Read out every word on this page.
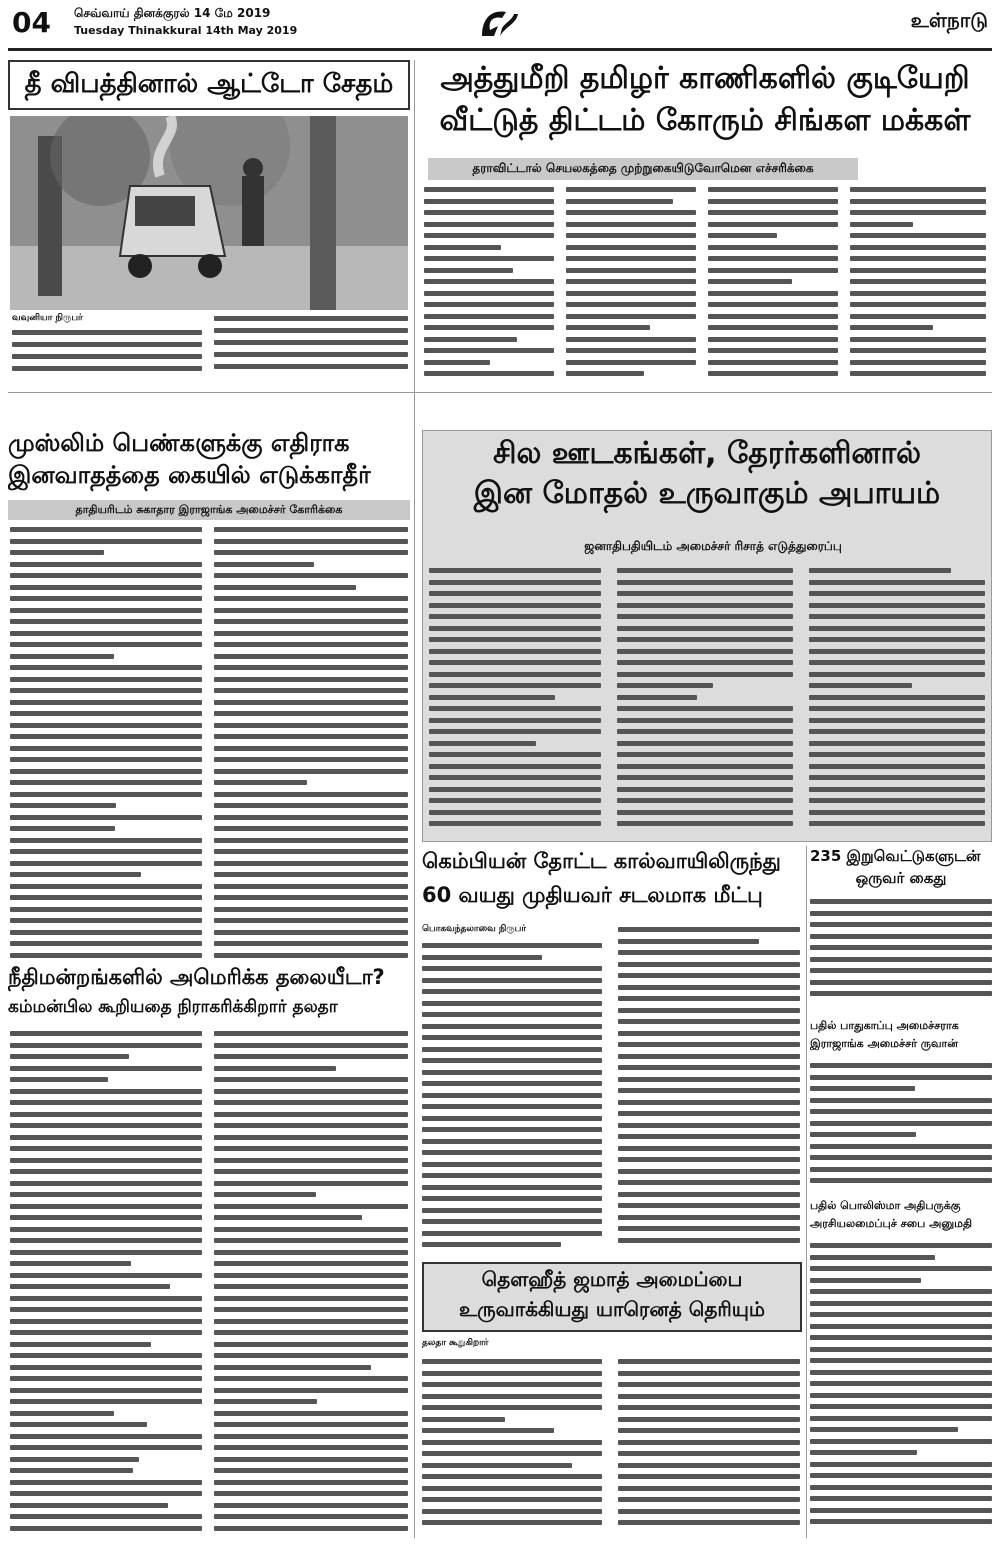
04	செவ்வாய் தினக்குரல் 14 மே 2019
Tuesday Thinakkural 14th May 2019	உள்நாடு
தீ விபத்தினால் ஆட்டோ சேதம்
வவுனியா நிருபர்
அத்துமீறி தமிழர் காணிகளில் குடியேறி
வீட்டுத் திட்டம் கோரும் சிங்கள மக்கள்
தராவிட்டால் செயலகத்தை முற்றுகையிடுவோமென எச்சரிக்கை
முஸ்லிம் பெண்களுக்கு எதிராக
இனவாதத்தை கையில் எடுக்காதீர்
தாதியரிடம் சுகாதார இராஜாங்க அமைச்சர் கோரிக்கை
சில ஊடகங்கள், தேரர்களினால்
இன மோதல் உருவாகும் அபாயம்
ஜனாதிபதியிடம் அமைச்சர் ரிசாத் எடுத்துரைப்பு
கெம்பியன் தோட்ட கால்வாயிலிருந்து
60 வயது முதியவர் சடலமாக மீட்பு
பொகவந்தலாவை நிருபர்
235 இறுவெட்டுகளுடன்
ஒருவர் கைது
பதில் பாதுகாப்பு அமைச்சராக
இராஜாங்க அமைச்சர் ருவான்
பதில் பொலிஸ்மா அதிபருக்கு
அரசியலமைப்புச் சபை அனுமதி
நீதிமன்றங்களில் அமெரிக்க தலையீடா?
கம்மன்பில கூறியதை நிராகரிக்கிறார் தலதா
தௌஹீத் ஜமாத் அமைப்பை
உருவாக்கியது யாரெனத் தெரியும்
தலதா கூறுகிறார்
